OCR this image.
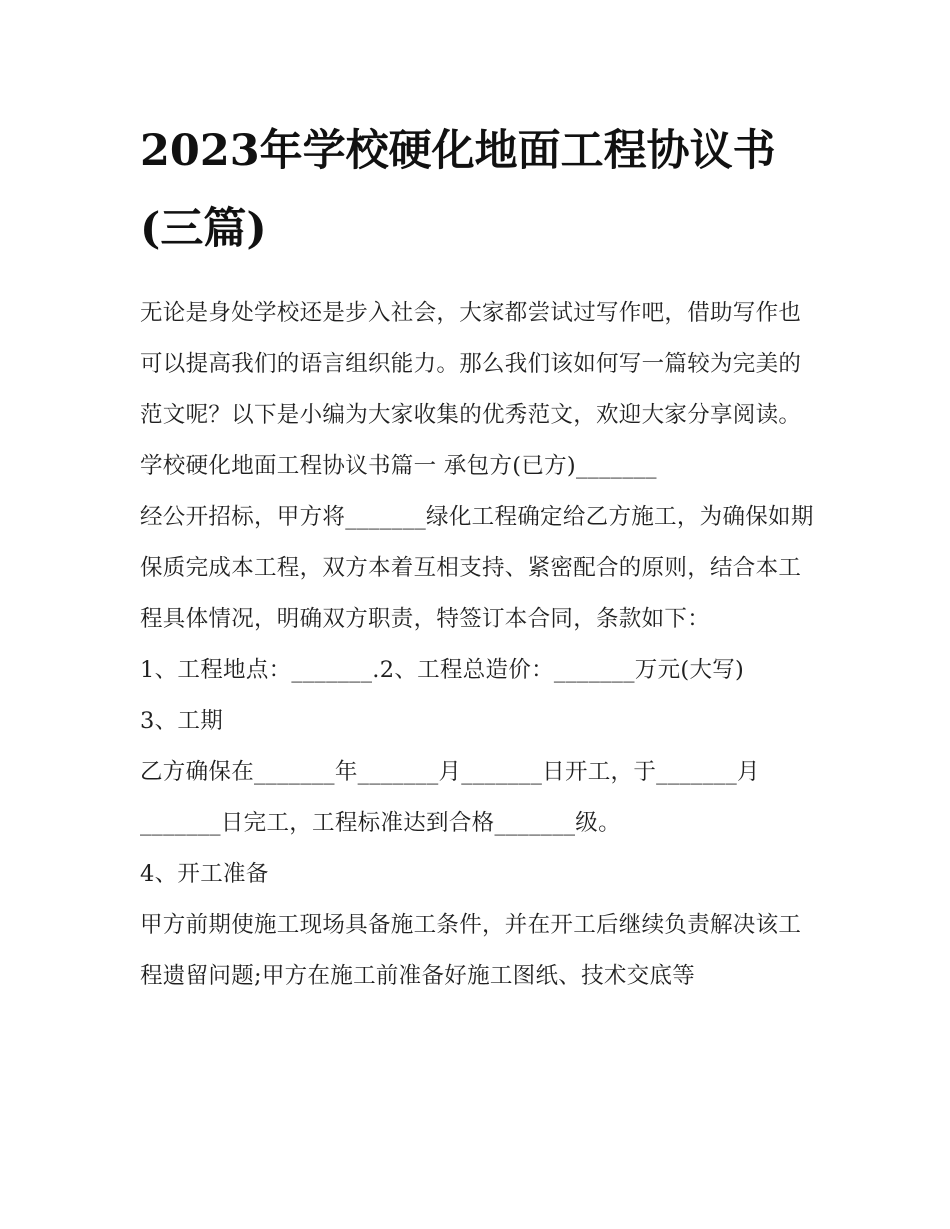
2023年学校硬化地面工程协议书(三篇)

无论是身处学校还是步入社会，大家都尝试过写作吧，借助写作也可以提高我们的语言组织能力。那么我们该如何写一篇较为完美的范文呢？以下是小编为大家收集的优秀范文，欢迎大家分享阅读。

学校硬化地面工程协议书篇一 承包方(已方)_______

经公开招标，甲方将_______绿化工程确定给乙方施工，为确保如期保质完成本工程，双方本着互相支持、紧密配合的原则，结合本工程具体情况，明确双方职责，特签订本合同，条款如下：

1、工程地点：_______.2、工程总造价：_______万元(大写)

3、工期

乙方确保在_______年_______月_______日开工，于_______月_______日完工，工程标准达到合格_______级。

4、开工准备

甲方前期使施工现场具备施工条件，并在开工后继续负责解决该工程遗留问题;甲方在施工前准备好施工图纸、技术交底等
